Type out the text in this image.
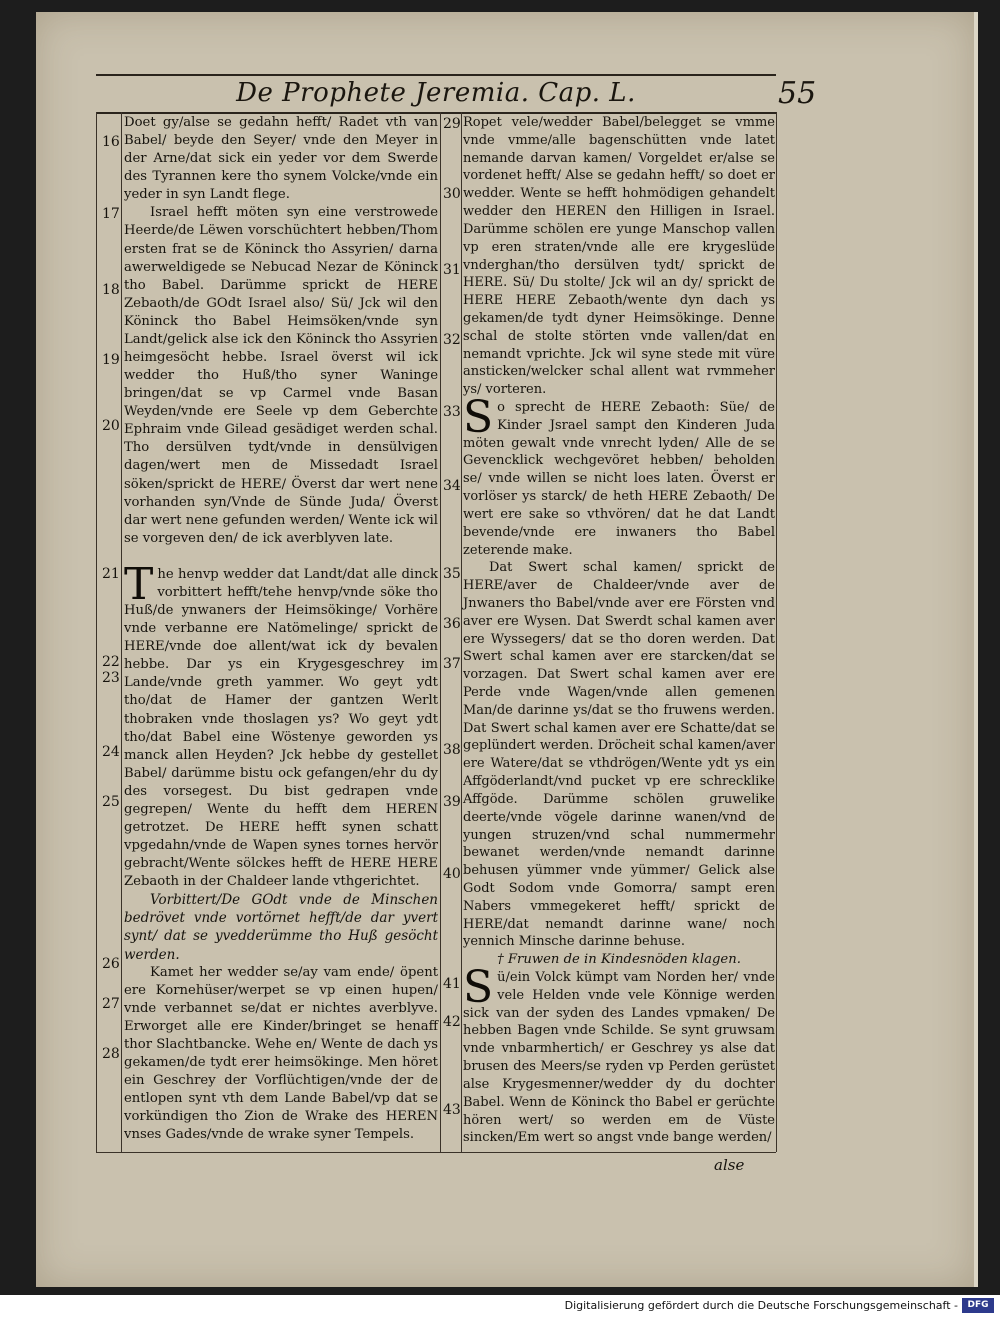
De Prophete Jeremia. Cap. L.	55
16
17
18
19
20
21
22
23
24
25
26
27
28
29
30
31
32
33
34
35
36
37
38
39
40
41
42
43

Doet gy/alse se gedahn hefft/ Radet vth van Babel/ beyde den Seyer/ vnde den Meyer in der Arne/dat sick ein yeder vor dem Swerde des Tyrannen kere tho synem Volcke/vnde ein yeder in syn Landt flege.

Israel hefft möten syn eine verstrowede Heerde/de Lëwen vorschüchtert hebben/Thom ersten frat se de Köninck tho Assyrien/ darna awerweldigede se Nebucad Nezar de Köninck tho Babel. Darümme sprickt de HERE Zebaoth/de GOdt Israel also/ Sü/ Jck wil den Köninck tho Babel Heimsöken/vnde syn Landt/gelick alse ick den Köninck tho Assyrien heimgesöcht hebbe. Israel överst wil ick wedder tho Huß/tho syner Waninge bringen/dat se vp Carmel vnde Basan Weyden/vnde ere Seele vp dem Geberchte Ephraim vnde Gilead gesädiget werden schal. Tho dersülven tydt/vnde in densülvigen dagen/wert men de Missedadt Israel söken/sprickt de HERE/ Överst dar wert nene vorhanden syn/Vnde de Sünde Juda/ Överst dar wert nene gefunden werden/ Wente ick wil se vorgeven den/ de ick averblyven late.

The henvp wedder dat Landt/dat alle dinck vorbittert hefft/tehe henvp/vnde söke tho Huß/de ynwaners der Heimsökinge/ Vorhëre vnde verbanne ere Natömelinge/ sprickt de HERE/vnde doe allent/wat ick dy bevalen hebbe. Dar ys ein Krygesgeschrey im Lande/vnde greth yammer. Wo geyt ydt tho/dat de Hamer der gantzen Werlt thobraken vnde thoslagen ys? Wo geyt ydt tho/dat Babel eine Wöstenye geworden ys manck allen Heyden? Jck hebbe dy gestellet Babel/ darümme bistu ock gefangen/ehr du dy des vorsegest. Du bist gedrapen vnde gegrepen/ Wente du hefft dem HEREN getrotzet. De HERE hefft synen schatt vpgedahn/vnde de Wapen synes tornes hervör gebracht/Wente sölckes hefft de HERE HERE Zebaoth in der Chaldeer lande vthgerichtet.

Vorbittert/De GOdt vnde de Minschen bedrövet vnde vortörnet hefft/de dar yvert synt/ dat se yvedderümme tho Huß gesöcht werden.

Kamet her wedder se/ay vam ende/ öpent ere Kornehüser/werpet se vp einen hupen/ vnde verbannet se/dat er nichtes averblyve. Erworget alle ere Kinder/bringet se henaff thor Slachtbancke. Wehe en/ Wente de dach ys gekamen/de tydt erer heimsökinge. Men höret ein Geschrey der Vorflüchtigen/vnde der de entlopen synt vth dem Lande Babel/vp dat se vorkündigen tho Zion de Wrake des HEREN vnses Gades/vnde de wrake syner Tempels.

Ropet vele/wedder Babel/belegget se vmme vnde vmme/alle bagenschütten vnde latet nemande darvan kamen/ Vorgeldet er/alse se vordenet hefft/ Alse se gedahn hefft/ so doet er wedder. Wente se hefft hohmödigen gehandelt wedder den HEREN den Hilligen in Israel. Darümme schölen ere yunge Manschop vallen vp eren straten/vnde alle ere krygeslüde vnderghan/tho dersülven tydt/ sprickt de HERE. Sü/ Du stolte/ Jck wil an dy/ sprickt de HERE HERE Zebaoth/wente dyn dach ys gekamen/de tydt dyner Heimsökinge. Denne schal de stolte störten vnde vallen/dat en nemandt vprichte. Jck wil syne stede mit vüre ansticken/welcker schal allent wat rvmmeher ys/ vorteren.

So sprecht de HERE Zebaoth: Süe/ de Kinder Jsrael sampt den Kinderen Juda möten gewalt vnde vnrecht lyden/ Alle de se Gevencklick wechgevöret hebben/ beholden se/ vnde willen se nicht loes laten. Överst er vorlöser ys starck/ de heth HERE Zebaoth/ De wert ere sake so vthvören/ dat he dat Landt bevende/vnde ere inwaners tho Babel zeterende make.

Dat Swert schal kamen/ sprickt de HERE/aver de Chaldeer/vnde aver de Jnwaners tho Babel/vnde aver ere Försten vnd aver ere Wysen. Dat Swerdt schal kamen aver ere Wyssegers/ dat se tho doren werden. Dat Swert schal kamen aver ere starcken/dat se vorzagen. Dat Swert schal kamen aver ere Perde vnde Wagen/vnde allen gemenen Man/de darinne ys/dat se tho fruwens werden. Dat Swert schal kamen aver ere Schatte/dat se geplündert werden. Dröcheit schal kamen/aver ere Watere/dat se vthdrögen/Wente ydt ys ein Affgöderlandt/vnd pucket vp ere schrecklike Affgöde. Darümme schölen gruwelike deerte/vnde vögele darinne wanen/vnd de yungen struzen/vnd schal nummermehr bewanet werden/vnde nemandt darinne behusen yümmer vnde yümmer/ Gelick alse Godt Sodom vnde Gomorra/ sampt eren Nabers vmmegekeret hefft/ sprickt de HERE/dat nemandt darinne wane/ noch yennich Minsche darinne behuse.

† Fruwen de in Kindesnöden klagen.

Sü/ein Volck kümpt vam Norden her/ vnde vele Helden vnde vele Könnige werden sick van der syden des Landes vpmaken/ De hebben Bagen vnde Schilde. Se synt gruwsam vnde vnbarmhertich/ er Geschrey ys alse dat brusen des Meers/se ryden vp Perden gerüstet alse Krygesmenner/wedder dy du dochter Babel. Wenn de Köninck tho Babel er gerüchte hören wert/ so werden em de Vüste sincken/Em wert so angst vnde bange werden/

alse
Digitalisierung gefördert durch die Deutsche Forschungsgemeinschaft -	DFG
